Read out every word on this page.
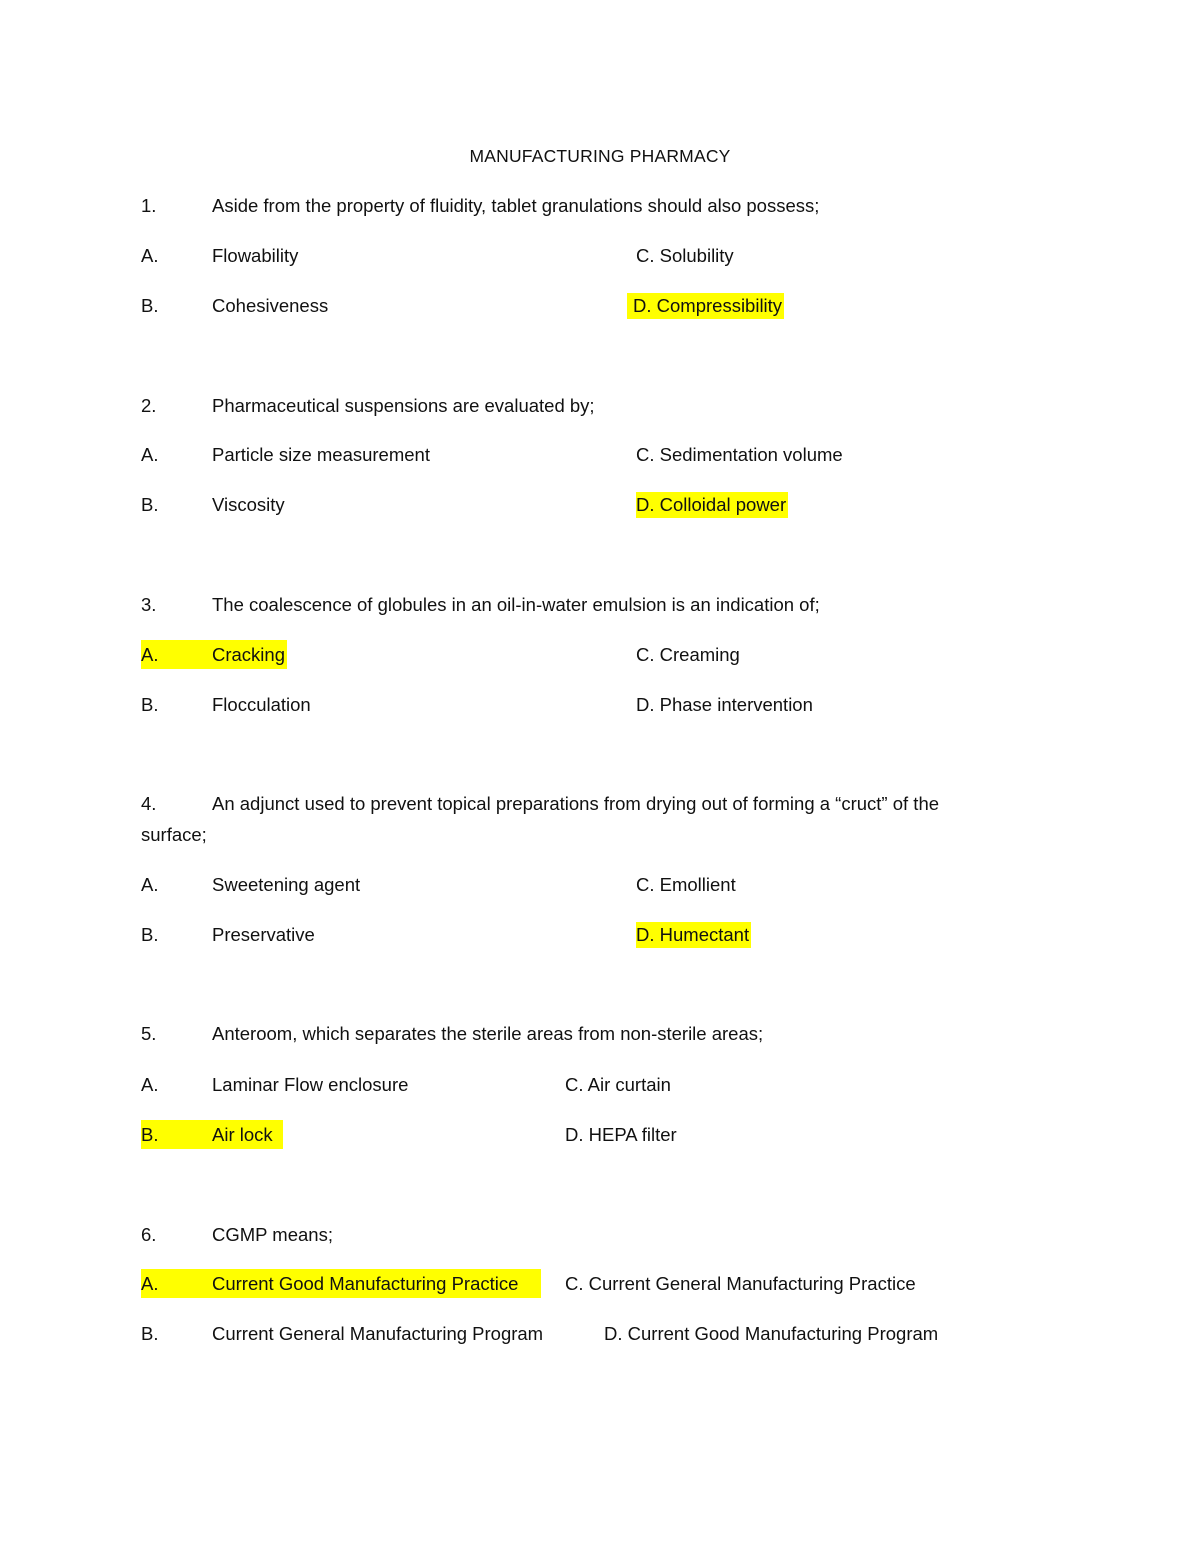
MANUFACTURING PHARMACY
1.	Aside from the property of fluidity, tablet granulations should also possess;
A.	Flowability	C. Solubility
B.	Cohesiveness	D. Compressibility
2.	Pharmaceutical suspensions are evaluated by;
A.	Particle size measurement	C. Sedimentation volume
B.	Viscosity	D. Colloidal power
3.	The coalescence of globules in an oil-in-water emulsion is an indication of;
A.	Cracking	C. Creaming
B.	Flocculation	D. Phase intervention
4.	An adjunct used to prevent topical preparations from drying out of forming a “cruct” of the
surface;
A.	Sweetening agent	C. Emollient
B.	Preservative	D. Humectant
5.	Anteroom, which separates the sterile areas from non-sterile areas;
A.	Laminar Flow enclosure	C. Air curtain
B.	Air lock	D. HEPA filter
6.	CGMP means;
A.	Current Good Manufacturing Practice	C. Current General Manufacturing Practice
B.	Current General Manufacturing Program	D. Current Good Manufacturing Program
